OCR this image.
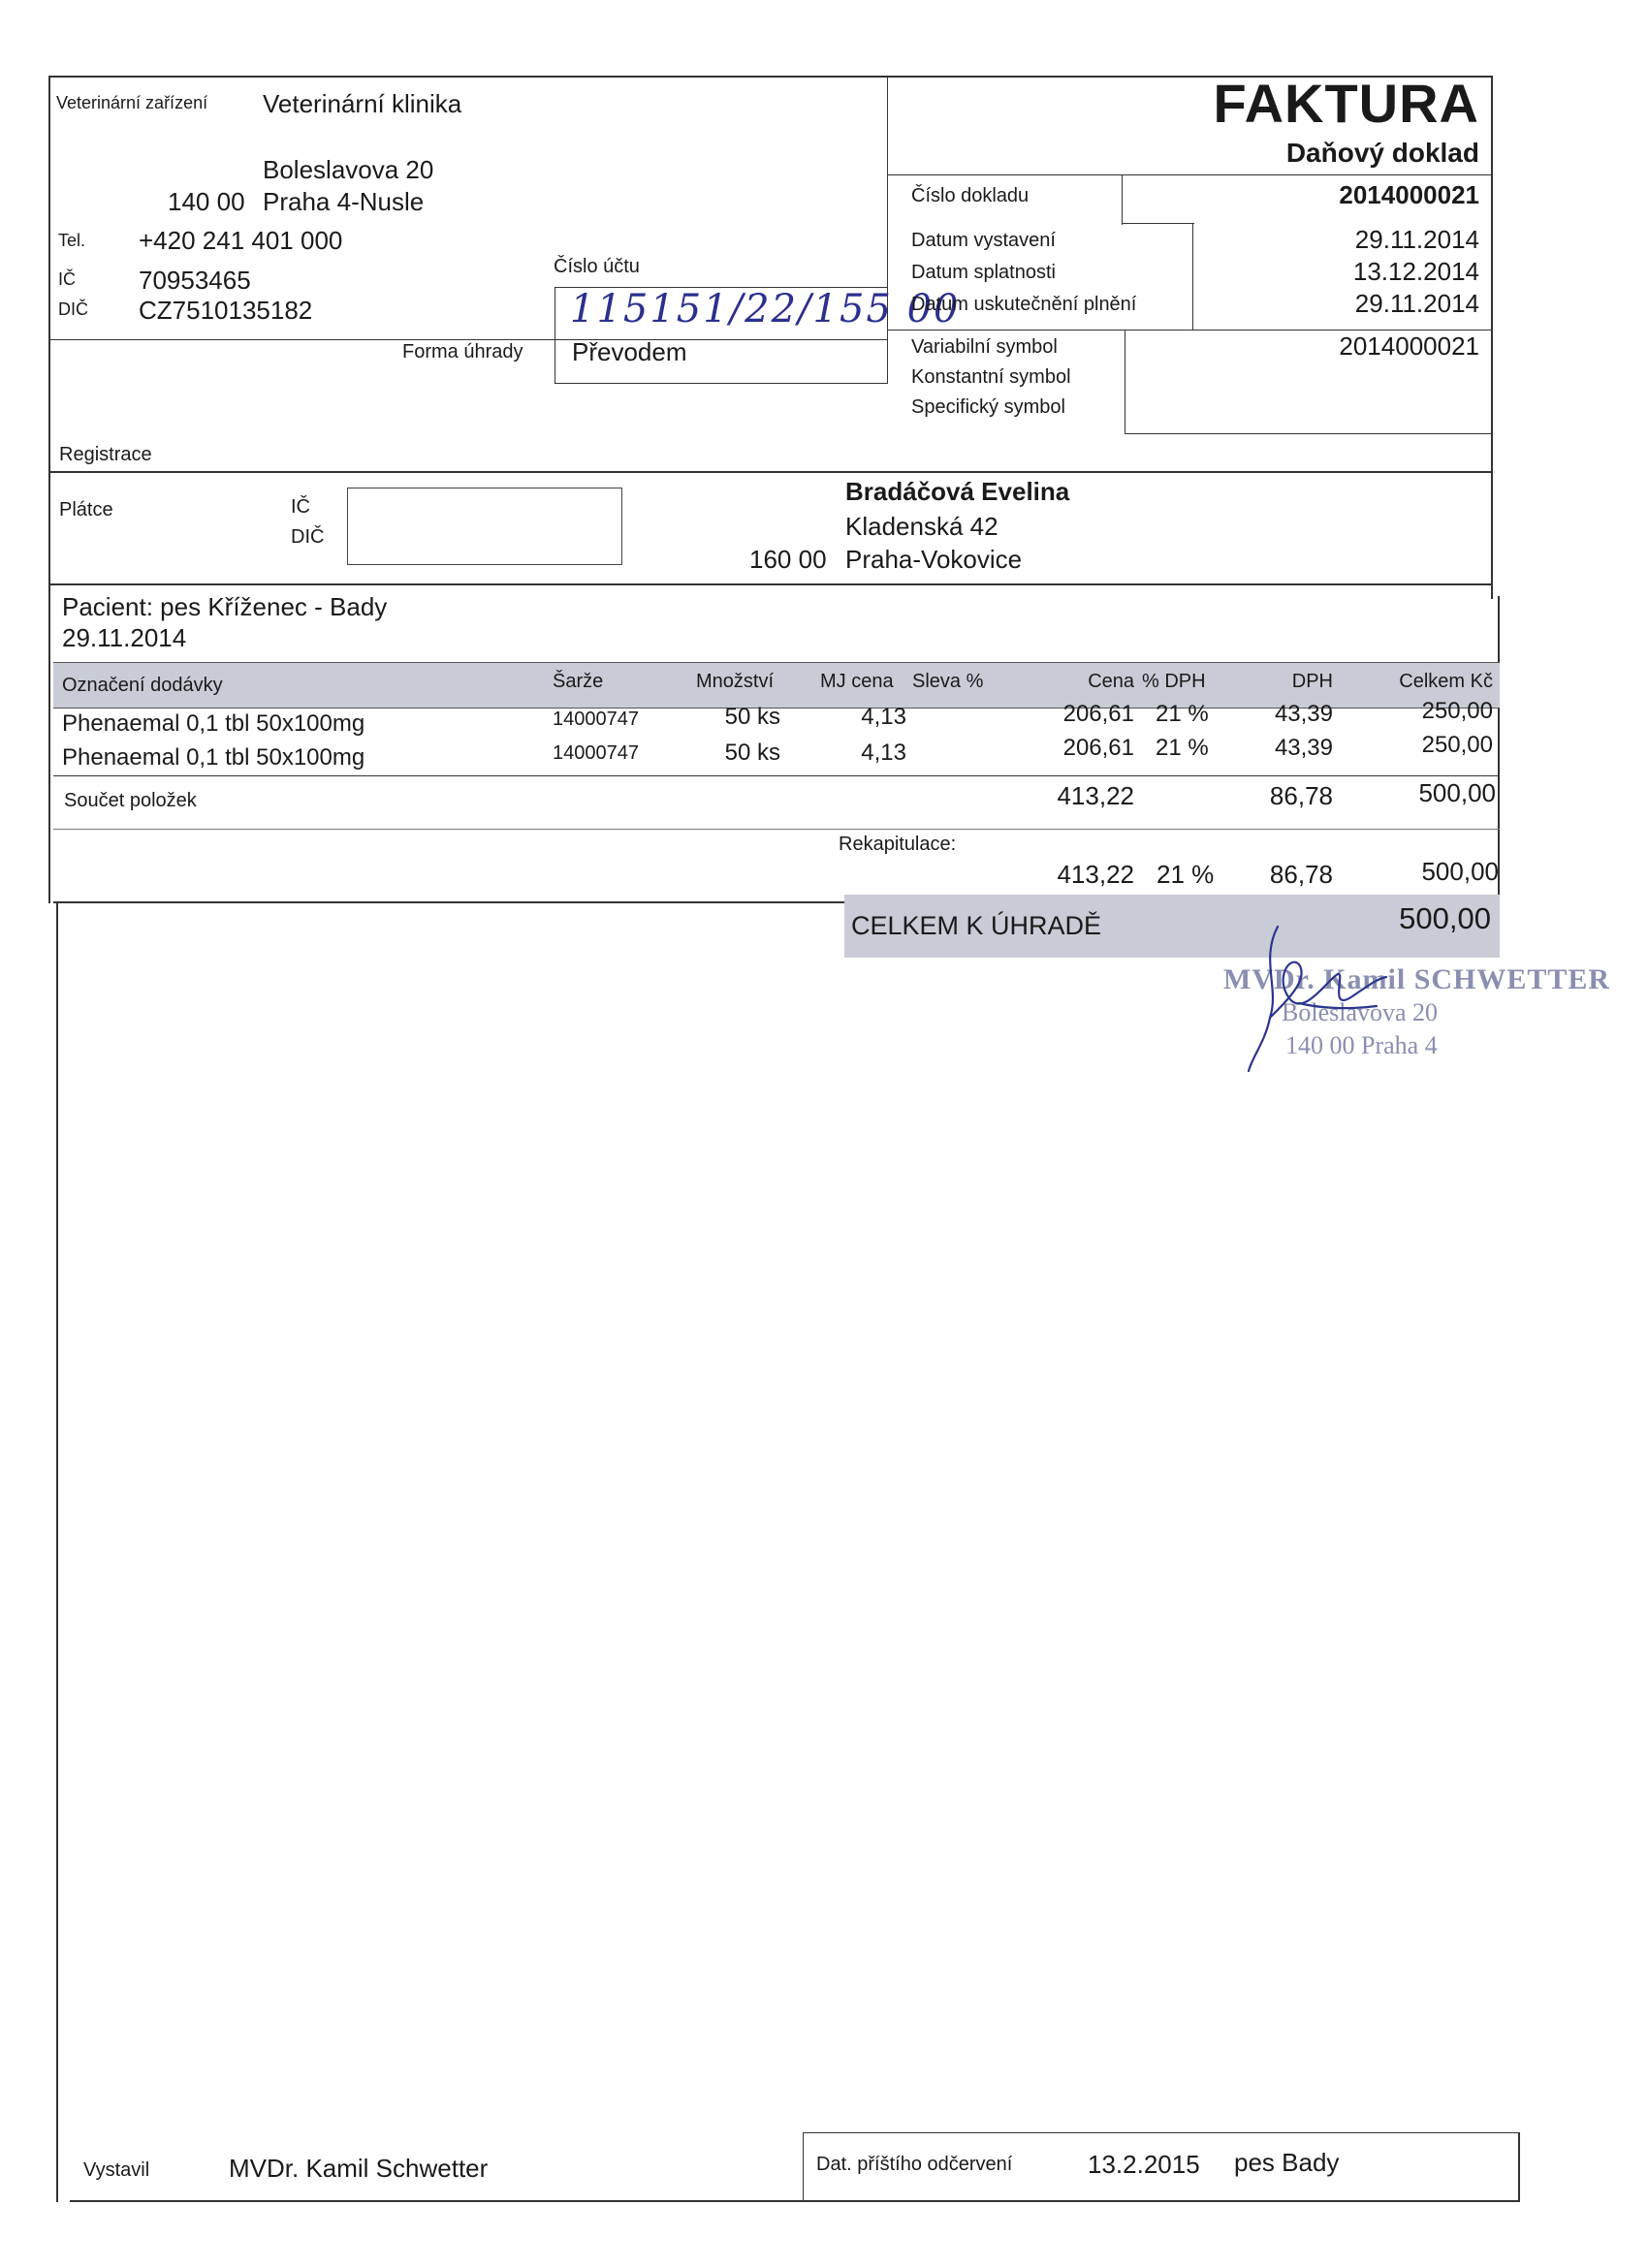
Veterinární zařízení Veterinární klinika
Boleslavova 20
140 00 Praha 4-Nusle
Tel. +420 241 401 000
IČ	70953465
DIČ CZ7510135182
Registrace
Číslo účtu
115151/22/155 00
Forma úhrady Převodem
FAKTURA
Daňový doklad
Číslo dokladu	2014000021
Datum vystavení	29.11.2014
Datum splatnosti	13.12.2014
Datum uskutečnění plnění	29.11.2014
Variabilní symbol	2014000021
Konstantní symbol
Specifický symbol
Plátce	IČ
DIČ
Bradáčová Evelina
Kladenská 42
160 00 Praha-Vokovice
Pacient: pes Kříženec - Bady
29.11.2014
Označení dodávky	Šarže	Množství MJ cena Sleva %	Cena % DPH	DPH	Celkem Kč
Phenaemal 0,1 tbl 50x100mg	14000747	50 ks	4,13	206,61 21 %	43,39	250,00
Phenaemal 0,1 tbl 50x100mg	14000747	50 ks	4,13	206,61 21 %	43,39	250,00
Součet položek	413,22	86,78	500,00
Rekapitulace:
413,22 21 %	86,78	500,00
CELKEM K ÚHRADĚ	500,00
MVDr. Kamil SCHWETTER
Boleslavova 20
140 00 Praha 4
Vystavil	MVDr. Kamil Schwetter	Dat. příštího odčervení	13.2.2015 pes Bady
